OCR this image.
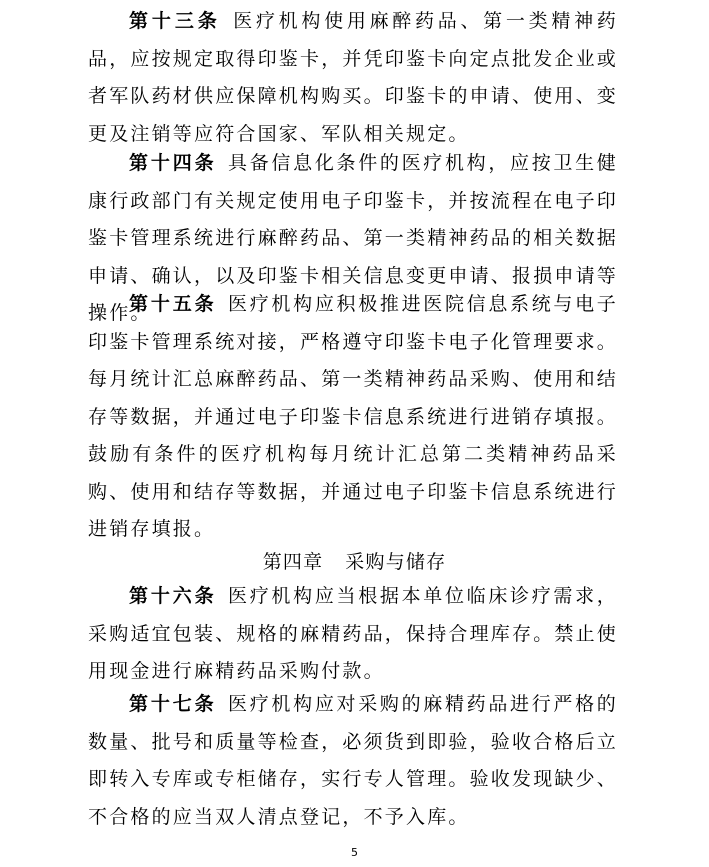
第十三条 医疗机构使用麻醉药品、第一类精神药品，应按规定取得印鉴卡，并凭印鉴卡向定点批发企业或者军队药材供应保障机构购买。印鉴卡的申请、使用、变更及注销等应符合国家、军队相关规定。

第十四条 具备信息化条件的医疗机构，应按卫生健康行政部门有关规定使用电子印鉴卡，并按流程在电子印鉴卡管理系统进行麻醉药品、第一类精神药品的相关数据申请、确认，以及印鉴卡相关信息变更申请、报损申请等操作。

第十五条 医疗机构应积极推进医院信息系统与电子印鉴卡管理系统对接，严格遵守印鉴卡电子化管理要求。每月统计汇总麻醉药品、第一类精神药品采购、使用和结存等数据，并通过电子印鉴卡信息系统进行进销存填报。鼓励有条件的医疗机构每月统计汇总第二类精神药品采购、使用和结存等数据，并通过电子印鉴卡信息系统进行进销存填报。

第四章 采购与储存

第十六条 医疗机构应当根据本单位临床诊疗需求，采购适宜包装、规格的麻精药品，保持合理库存。禁止使用现金进行麻精药品采购付款。

第十七条 医疗机构应对采购的麻精药品进行严格的数量、批号和质量等检查，必须货到即验，验收合格后立即转入专库或专柜储存，实行专人管理。验收发现缺少、不合格的应当双人清点登记，不予入库。

5
